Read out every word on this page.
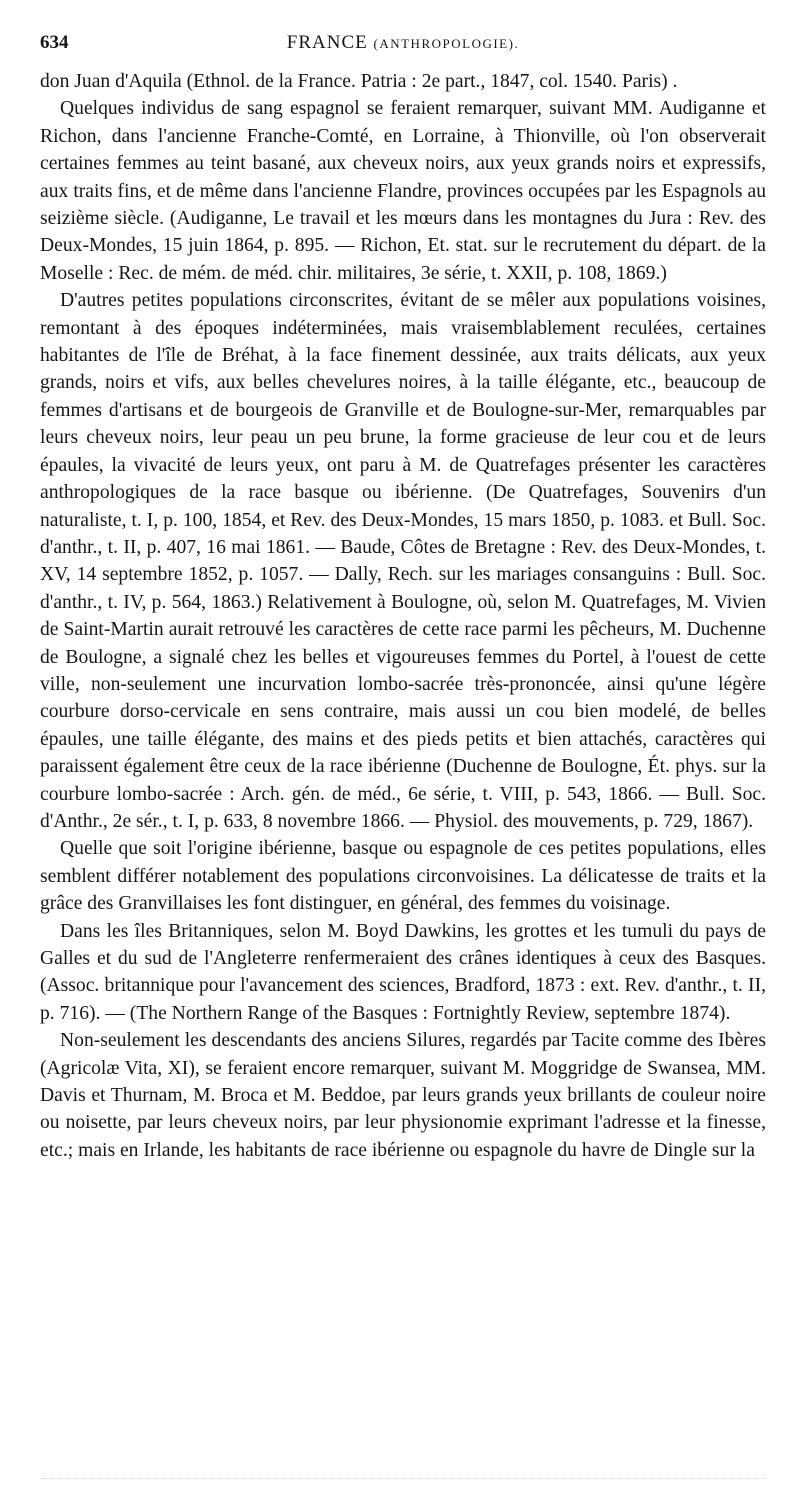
634	FRANCE (ANTHROPOLOGIE).

don Juan d'Aquila (Ethnol. de la France. Patria : 2e part., 1847, col. 1540. Paris) .

Quelques individus de sang espagnol se feraient remarquer, suivant MM. Audiganne et Richon, dans l'ancienne Franche-Comté, en Lorraine, à Thionville, où l'on observerait certaines femmes au teint basané, aux cheveux noirs, aux yeux grands noirs et expressifs, aux traits fins, et de même dans l'ancienne Flandre, provinces occupées par les Espagnols au seizième siècle. (Audiganne, Le travail et les mœurs dans les montagnes du Jura : Rev. des Deux-Mondes, 15 juin 1864, p. 895. — Richon, Et. stat. sur le recrutement du départ. de la Moselle : Rec. de mém. de méd. chir. militaires, 3e série, t. XXII, p. 108, 1869.)

D'autres petites populations circonscrites, évitant de se mêler aux populations voisines, remontant à des époques indéterminées, mais vraisemblablement reculées, certaines habitantes de l'île de Bréhat, à la face finement dessinée, aux traits délicats, aux yeux grands, noirs et vifs, aux belles chevelures noires, à la taille élégante, etc., beaucoup de femmes d'artisans et de bourgeois de Granville et de Boulogne-sur-Mer, remarquables par leurs cheveux noirs, leur peau un peu brune, la forme gracieuse de leur cou et de leurs épaules, la vivacité de leurs yeux, ont paru à M. de Quatrefages présenter les caractères anthropologiques de la race basque ou ibérienne. (De Quatrefages, Souvenirs d'un naturaliste, t. I, p. 100, 1854, et Rev. des Deux-Mondes, 15 mars 1850, p. 1083. et Bull. Soc. d'anthr., t. II, p. 407, 16 mai 1861. — Baude, Côtes de Bretagne : Rev. des Deux-Mondes, t. XV, 14 septembre 1852, p. 1057. — Dally, Rech. sur les mariages consanguins : Bull. Soc. d'anthr., t. IV, p. 564, 1863.) Relativement à Boulogne, où, selon M. Quatrefages, M. Vivien de Saint-Martin aurait retrouvé les caractères de cette race parmi les pêcheurs, M. Duchenne de Boulogne, a signalé chez les belles et vigoureuses femmes du Portel, à l'ouest de cette ville, non-seulement une incurvation lombo-sacrée très-prononcée, ainsi qu'une légère courbure dorso-cervicale en sens contraire, mais aussi un cou bien modelé, de belles épaules, une taille élégante, des mains et des pieds petits et bien attachés, caractères qui paraissent également être ceux de la race ibérienne (Duchenne de Boulogne, Ét. phys. sur la courbure lombo-sacrée : Arch. gén. de méd., 6e série, t. VIII, p. 543, 1866. — Bull. Soc. d'Anthr., 2e sér., t. I, p. 633, 8 novembre 1866. — Physiol. des mouvements, p. 729, 1867).

Quelle que soit l'origine ibérienne, basque ou espagnole de ces petites populations, elles semblent différer notablement des populations circonvoisines. La délicatesse de traits et la grâce des Granvillaises les font distinguer, en général, des femmes du voisinage.

Dans les îles Britanniques, selon M. Boyd Dawkins, les grottes et les tumuli du pays de Galles et du sud de l'Angleterre renfermeraient des crânes identiques à ceux des Basques. (Assoc. britannique pour l'avancement des sciences, Bradford, 1873 : ext. Rev. d'anthr., t. II, p. 716). — (The Northern Range of the Basques : Fortnightly Review, septembre 1874).

Non-seulement les descendants des anciens Silures, regardés par Tacite comme des Ibères (Agricolæ Vita, XI), se feraient encore remarquer, suivant M. Moggridge de Swansea, MM. Davis et Thurnam, M. Broca et M. Beddoe, par leurs grands yeux brillants de couleur noire ou noisette, par leurs cheveux noirs, par leur physionomie exprimant l'adresse et la finesse, etc.; mais en Irlande, les habitants de race ibérienne ou espagnole du havre de Dingle sur la
